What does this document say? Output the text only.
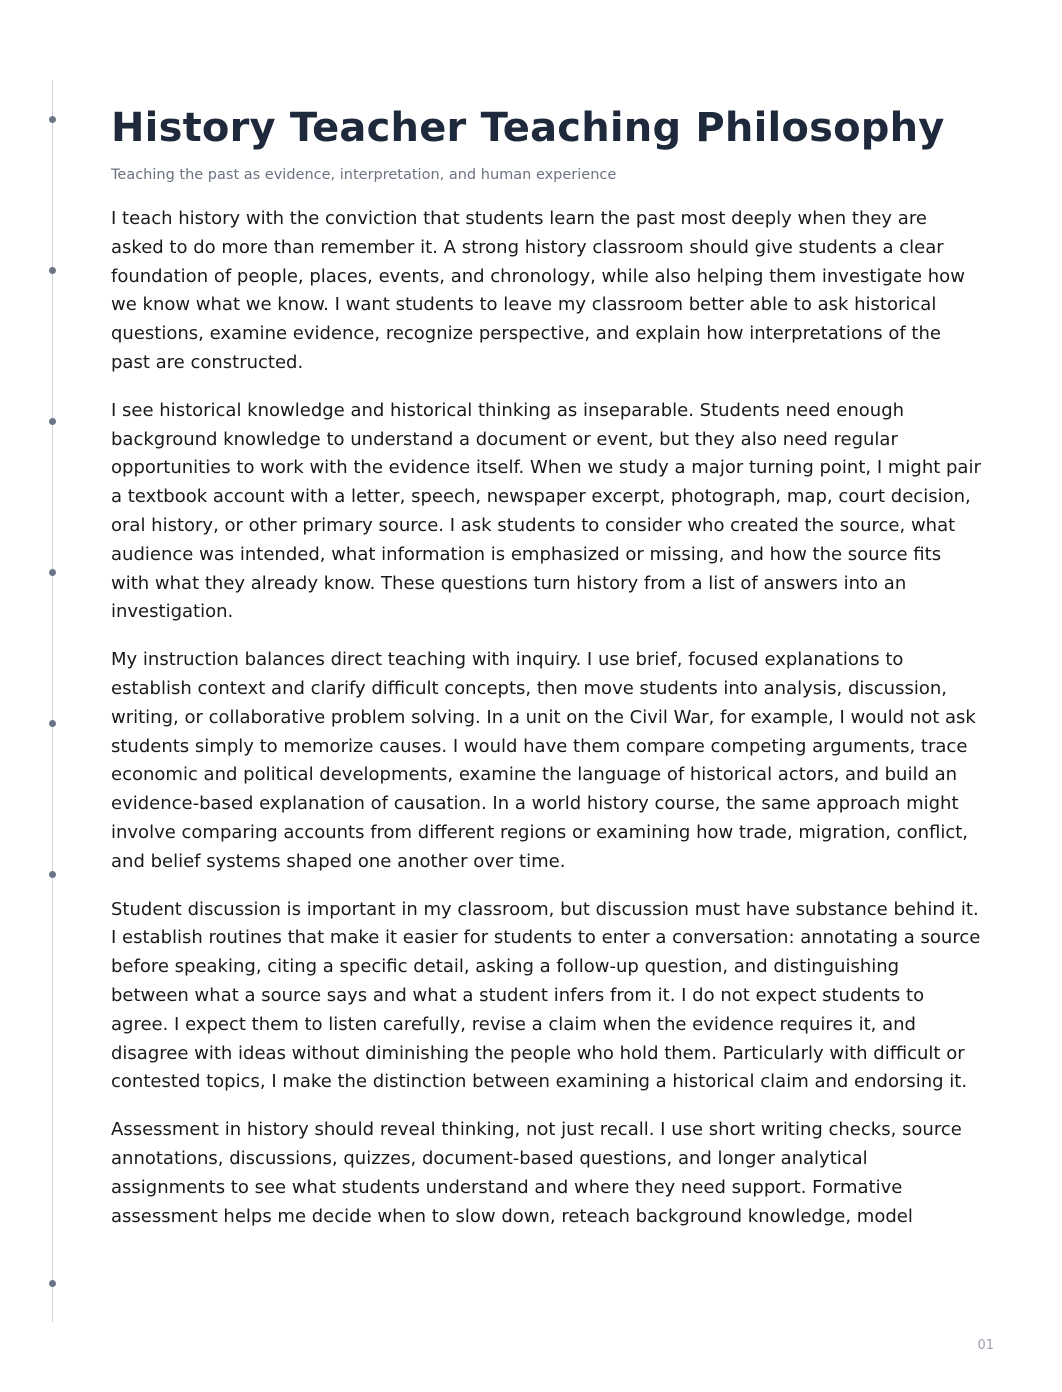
History Teacher Teaching Philosophy

Teaching the past as evidence, interpretation, and human experience

I teach history with the conviction that students learn the past most deeply when they are asked to do more than remember it. A strong history classroom should give students a clear foundation of people, places, events, and chronology, while also helping them investigate how we know what we know. I want students to leave my classroom better able to ask historical questions, examine evidence, recognize perspective, and explain how interpretations of the past are constructed.

I see historical knowledge and historical thinking as inseparable. Students need enough background knowledge to understand a document or event, but they also need regular opportunities to work with the evidence itself. When we study a major turning point, I might pair a textbook account with a letter, speech, newspaper excerpt, photograph, map, court decision, oral history, or other primary source. I ask students to consider who created the source, what audience was intended, what information is emphasized or missing, and how the source fits with what they already know. These questions turn history from a list of answers into an investigation.

My instruction balances direct teaching with inquiry. I use brief, focused explanations to establish context and clarify difficult concepts, then move students into analysis, discussion, writing, or collaborative problem solving. In a unit on the Civil War, for example, I would not ask students simply to memorize causes. I would have them compare competing arguments, trace economic and political developments, examine the language of historical actors, and build an evidence-based explanation of causation. In a world history course, the same approach might involve comparing accounts from different regions or examining how trade, migration, conflict, and belief systems shaped one another over time.

Student discussion is important in my classroom, but discussion must have substance behind it. I establish routines that make it easier for students to enter a conversation: annotating a source before speaking, citing a specific detail, asking a follow-up question, and distinguishing between what a source says and what a student infers from it. I do not expect students to agree. I expect them to listen carefully, revise a claim when the evidence requires it, and disagree with ideas without diminishing the people who hold them. Particularly with difficult or contested topics, I make the distinction between examining a historical claim and endorsing it.

Assessment in history should reveal thinking, not just recall. I use short writing checks, source annotations, discussions, quizzes, document-based questions, and longer analytical assignments to see what students understand and where they need support. Formative assessment helps me decide when to slow down, reteach background knowledge, model

01
